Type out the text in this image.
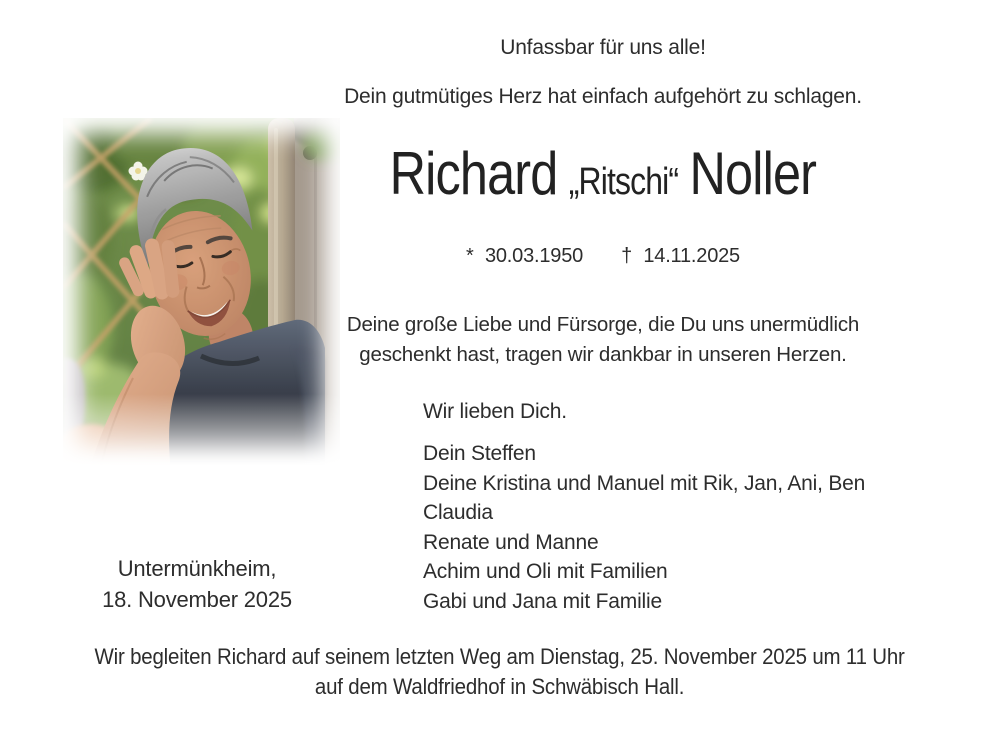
Unfassbar für uns alle!
Dein gutmütiges Herz hat einfach aufgehört zu schlagen.
Richard „Ritschi“ Noller
* 30.03.1950 † 14.11.2025
Deine große Liebe und Fürsorge, die Du uns unermüdlich
geschenkt hast, tragen wir dankbar in unseren Herzen.
Wir lieben Dich.
Dein Steffen
Deine Kristina und Manuel mit Rik, Jan, Ani, Ben
Claudia
Renate und Manne
Achim und Oli mit Familien
Gabi und Jana mit Familie
Untermünkheim,
18. November 2025
Wir begleiten Richard auf seinem letzten Weg am Dienstag, 25. November 2025 um 11 Uhr
auf dem Waldfriedhof in Schwäbisch Hall.
